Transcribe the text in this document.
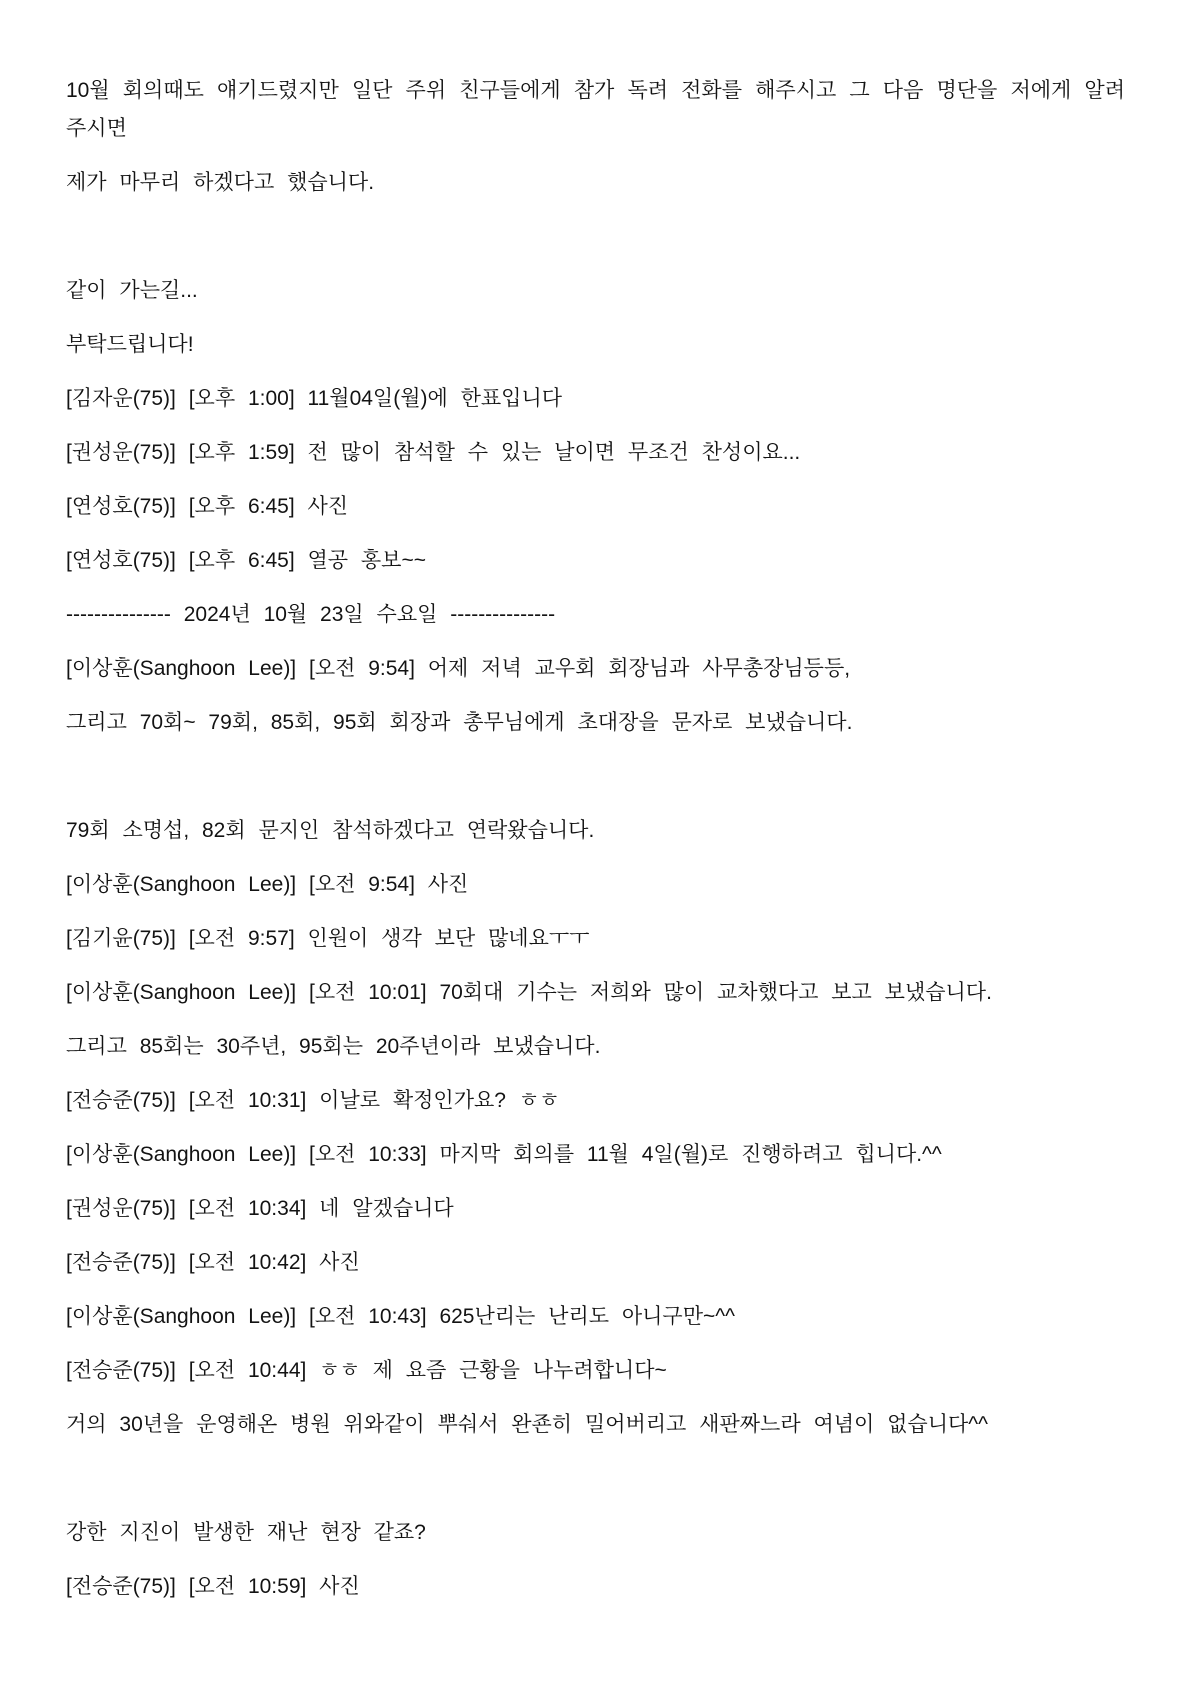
10월 회의때도 얘기드렸지만 일단 주위 친구들에게 참가 독려 전화를 해주시고 그 다음 명단을 저에게 알려주시면

제가 마무리 하겠다고 했습니다.

같이 가는길...

부탁드립니다!

[김자운(75)] [오후 1:00] 11월04일(월)에 한표입니다

[권성운(75)] [오후 1:59] 전 많이 참석할 수 있는 날이면 무조건 찬성이요...

[연성호(75)] [오후 6:45] 사진

[연성호(75)] [오후 6:45] 열공 홍보~~

--------------- 2024년 10월 23일 수요일 ---------------

[이상훈(Sanghoon Lee)] [오전 9:54] 어제 저녁 교우회 회장님과 사무총장님등등,

그리고 70회~ 79회, 85회, 95회 회장과 총무님에게 초대장을 문자로 보냈습니다.

79회 소명섭, 82회 문지인 참석하겠다고 연락왔습니다.

[이상훈(Sanghoon Lee)] [오전 9:54] 사진

[김기윤(75)] [오전 9:57] 인원이 생각 보단 많네요ㅜㅜ

[이상훈(Sanghoon Lee)] [오전 10:01] 70회대 기수는 저희와 많이 교차했다고 보고 보냈습니다.

그리고 85회는 30주년, 95회는 20주년이라 보냈습니다.

[전승준(75)] [오전 10:31] 이날로 확정인가요? ㅎㅎ

[이상훈(Sanghoon Lee)] [오전 10:33] 마지막 회의를 11월 4일(월)로 진행하려고 힙니다.^^

[권성운(75)] [오전 10:34] 네 알겠습니다

[전승준(75)] [오전 10:42] 사진

[이상훈(Sanghoon Lee)] [오전 10:43] 625난리는 난리도 아니구만~^^

[전승준(75)] [오전 10:44] ㅎㅎ 제 요즘 근황을 나누려합니다~

거의 30년을 운영해온 병원 위와같이 뿌숴서 완죤히 밀어버리고 새판짜느라 여념이 없습니다^^

강한 지진이 발생한 재난 현장 같죠?

[전승준(75)] [오전 10:59] 사진
